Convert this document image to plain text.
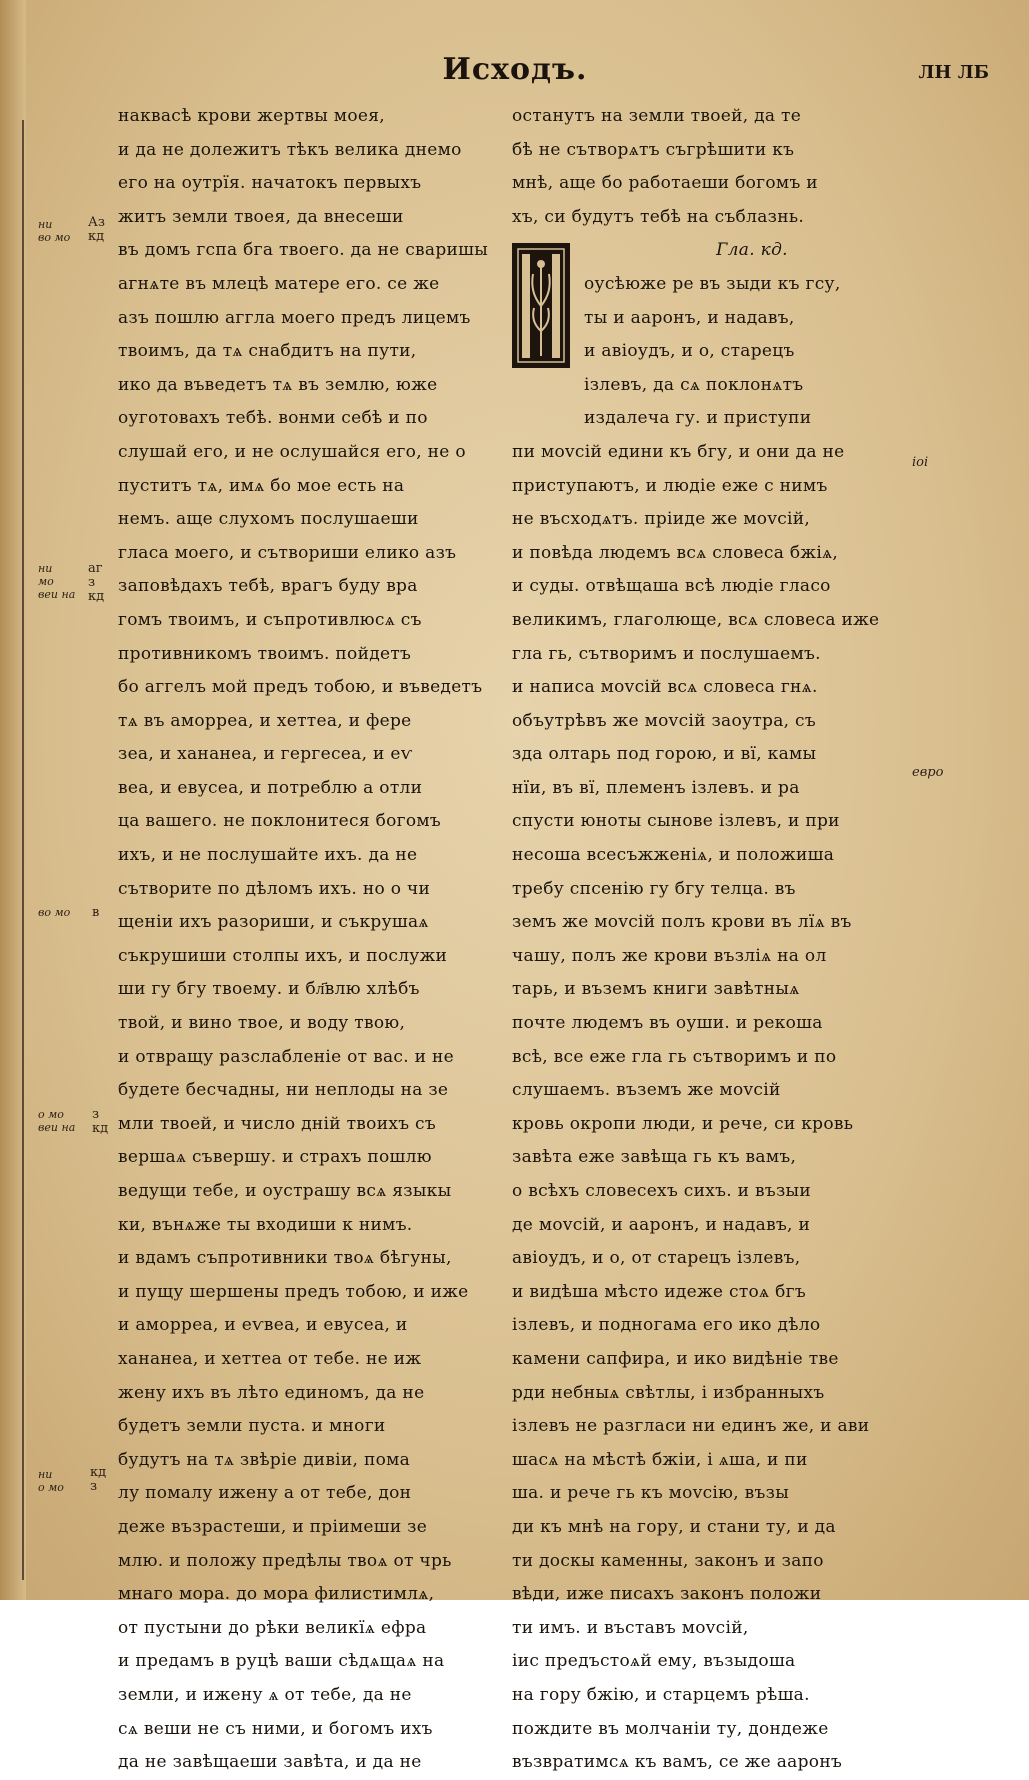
Исходъ.	ЛН ЛБ
наквасѣ крови жертвы моея,
и да не долежитъ тѣкъ велика днемо
его на оутрїя. начатокъ первыхъ
житъ земли твоея, да внесеши
въ домъ гспа бга твоего. да не сваришы
агнѧте въ млецѣ матере его. се же
азъ пошлю аггла моего предъ лицемъ
твоимъ, да тѧ снабдитъ на пути,
ико да въведетъ тѧ въ землю, юже
оуготовахъ тебѣ. вонми себѣ и по
слушай его, и не ослушайся его, не о
пуститъ тѧ, имѧ бо мое есть на
немъ. аще слухомъ послушаеши
гласа моего, и сътвориши елико азъ
заповѣдахъ тебѣ, врагъ буду вра
гомъ твоимъ, и съпротивлюсѧ съ
противникомъ твоимъ. пойдетъ
бо аггелъ мой предъ тобою, и въведетъ
тѧ въ аморреа, и хеттеа, и фере
зеа, и хананеа, и гергесеа, и еѵ
веа, и евусеа, и потреблю а отли
ца вашего. не поклонитеся богомъ
ихъ, и не послушайте ихъ. да не
сътворите по дѣломъ ихъ. но о чи
щеніи ихъ разориши, и съкрушаѧ
съкрушиши столпы ихъ, и послужи
ши гу бгу твоему. и бл҃влю хлѣбъ
твой, и вино твое, и воду твою,
и отвращу разслабленіе от вас. и не
будете бесчадны, ни неплоды на зе
мли твоей, и число дній твоихъ съ
вершаѧ съвершу. и страхъ пошлю
ведущи тебе, и оустрашу всѧ языкы
ки, вънѧже ты входиши к нимъ.
и вдамъ съпротивники твоѧ бѣгуны,
и пущу шершены предъ тобою, и иже
и аморреа, и еѵвеа, и евусеа, и
хананеа, и хеттеа от тебе. не иж
жену ихъ въ лѣто единомъ, да не
будетъ земли пуста. и многи
будутъ на тѧ звѣріе дивіи, пома
лу помалу ижену а от тебе, дон
деже възрастеши, и пріимеши зе
млю. и положу предѣлы твоѧ от чрь
мнаго мора. до мора филистимлѧ,
от пустыни до рѣки великїѧ ефра
и предамъ в руцѣ ваши сѣдѧщаѧ на
земли, и ижену ѧ от тебе, да не
сѧ веши не съ ними, и богомъ ихъ
да не завѣщаеши завѣта, и да не
останутъ на земли твоей, да те
бѣ не сътворѧтъ съгрѣшити къ
мнѣ, аще бо работаеши богомъ и
хъ, си будутъ тебѣ на съблазнь.
Гла. кд.
оусѣюже ре въ зыди къ гсу,
ты и ааронъ, и надавъ,
и авіоудъ, и о, старецъ
ізлевъ, да сѧ поклонѧтъ
издалеча гу. и приступи
пи моvсій едини къ бгу, и они да не
приступаютъ, и людіе еже с нимъ
не въсходѧтъ. пріиде же моvсій,
и повѣда людемъ всѧ словеса бжіѧ,
и суды. отвѣщаша всѣ людіе гласо
великимъ, глаголюще, всѧ словеса иже
гла гь, сътворимъ и послушаемъ.
и написа моvсій всѧ словеса гнѧ.
объутрѣвъ же моvсій заоутра, съ
зда олтарь под горою, и вї, камы
нїи, въ вї, племенъ ізлевъ. и ра
спусти юноты сынове ізлевъ, и при
несоша всесъжженіѧ, и положиша
требу спсенію гу бгу телца. въ
земъ же моvсій полъ крови въ лїѧ въ
чашу, полъ же крови възліѧ на ол
тарь, и въземъ книги завѣтныѧ
почте людемъ въ оуши. и рекоша
всѣ, все еже гла гь сътворимъ и по
слушаемъ. въземъ же моvсій
кровь окропи люди, и рече, си кровь
завѣта еже завѣща гь къ вамъ,
о всѣхъ словесехъ сихъ. и възыи
де моvсій, и ааронъ, и надавъ, и
авіоудъ, и о, от старецъ ізлевъ,
и видѣша мѣсто идеже стоѧ бгъ
ізлевъ, и подногама его ико дѣло
камени сапфира, и ико видѣніе тве
рди небныѧ свѣтлы, і избранныхъ
ізлевъ не разгласи ни единъ же, и ави
шасѧ на мѣстѣ бжіи, і ѧша, и пи
ша. и рече гь къ моvсію, възы
ди къ мнѣ на гору, и стани ту, и да
ти доскы каменны, законъ и запо
вѣди, иже писахъ законъ положи
ти имъ. и въставъ моvсій,
іис предъстоѧй ему, възыдоша
на гору бжію, и старцемъ рѣша.
пождите въ молчаніи ту, дондеже
възвратимсѧ къ вамъ, се же ааронъ
ни
во мо
Аз
кд
ни
мо
веи на
аг
з
кд
во мо в
о мо
веи на
з
кд
ни
о мо
кд
з
іоі
евро
